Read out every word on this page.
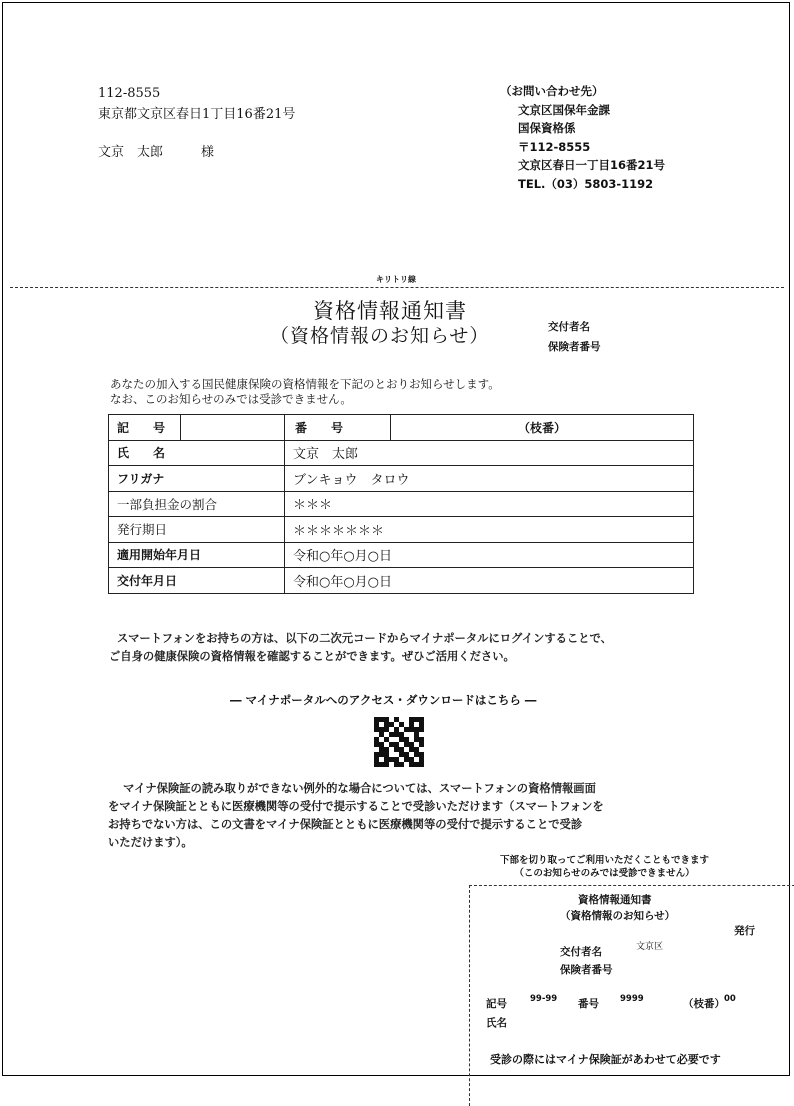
112-8555
東京都文京区春日1丁目16番21号
文京　太郎	様
（お問い合わせ先）
文京区国保年金課
国保資格係
〒112-8555
文京区春日一丁目16番21号
TEL.（03）5803-1192
キリトリ線
資格情報通知書
（資格情報のお知らせ）	交付者名
保険者番号
あなたの加入する国民健康保険の資格情報を下記のとおりお知らせします。
なお、このお知らせのみでは受診できません。
記　　号		番　　号	（枝番）
氏　　名		文京　太郎	
フリガナ		ブンキョウ　タロウ	
一部負担金の割合		＊＊＊	
発行期日		＊＊＊＊＊＊＊	
適用開始年月日		令和○年○月○日	
交付年月日		令和○年○月○日	
スマートフォンをお持ちの方は、以下の二次元コードからマイナポータルにログインすることで、
ご自身の健康保険の資格情報を確認することができます。ぜひご活用ください。
― マイナポータルへのアクセス・ダウンロードはこちら ―
マイナ保険証の読み取りができない例外的な場合については、スマートフォンの資格情報画面
をマイナ保険証とともに医療機関等の受付で提示することで受診いただけます（スマートフォンを
お持ちでない方は、この文書をマイナ保険証とともに医療機関等の受付で提示することで受診
いただけます）。
下部を切り取ってご利用いただくこともできます
（このお知らせのみでは受診できません）
資格情報通知書
（資格情報のお知らせ）
発行
交付者名	文京区
保険者番号
記号	99-99 番号 9999	（枝番） 00
氏名
受診の際にはマイナ保険証があわせて必要です
